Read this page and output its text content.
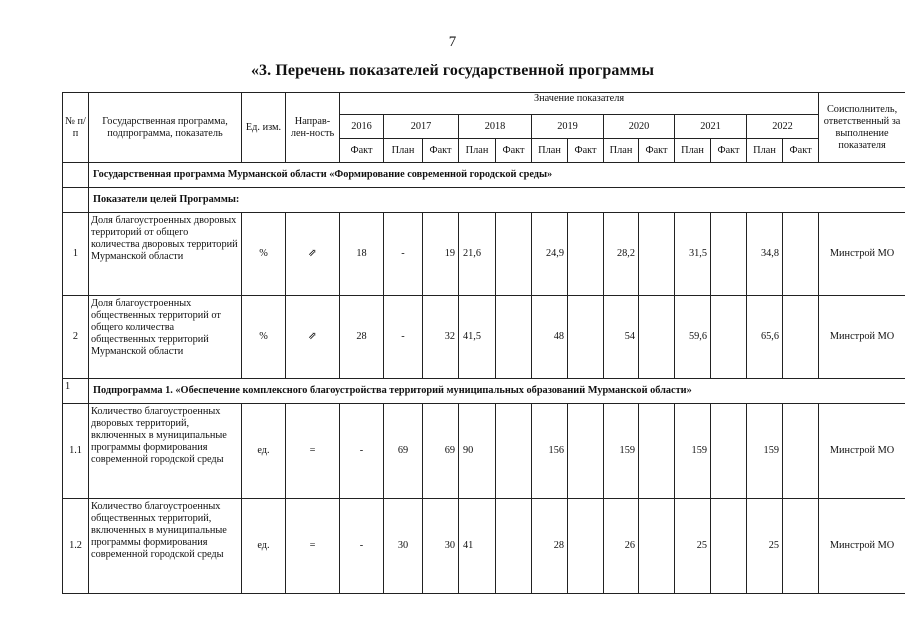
7
«3. Перечень показателей государственной программы
№ п/п	Государственная программа, подпрограмма, показатель	Ед. изм.	Направ-лен-ность	Значение показателя													Соисполнитель, ответственный за выполнение показателя
				2016	2017		2018		2019		2020		2021		2022		
				Факт	План	Факт	План	Факт	План	Факт	План	Факт	План	Факт	План	Факт	
	Государственная программа Мурманской области «Формирование современной городской среды»																
	Показатели целей Программы:																
1	Доля благоустроенных дворовых территорий от общего количества дворовых территорий Мурманской области	%	⇗	18	-	19	21,6		24,9		28,2		31,5		34,8		Минстрой МО
2	Доля благоустроенных общественных территорий от общего количества общественных территорий Мурманской области	%	⇗	28	-	32	41,5		48		54		59,6		65,6		Минстрой МО
1	Подпрограмма 1. «Обеспечение комплексного благоустройства территорий муниципальных образований Мурманской области»																
1.1	Количество благоустроенных дворовых территорий, включенных в муниципальные программы формирования современной городской среды	ед.	=	-	69	69	90		156		159		159		159		Минстрой МО
1.2	Количество благоустроенных общественных территорий, включенных в муниципальные программы формирования современной городской среды	ед.	=	-	30	30	41		28		26		25		25		Минстрой МО
